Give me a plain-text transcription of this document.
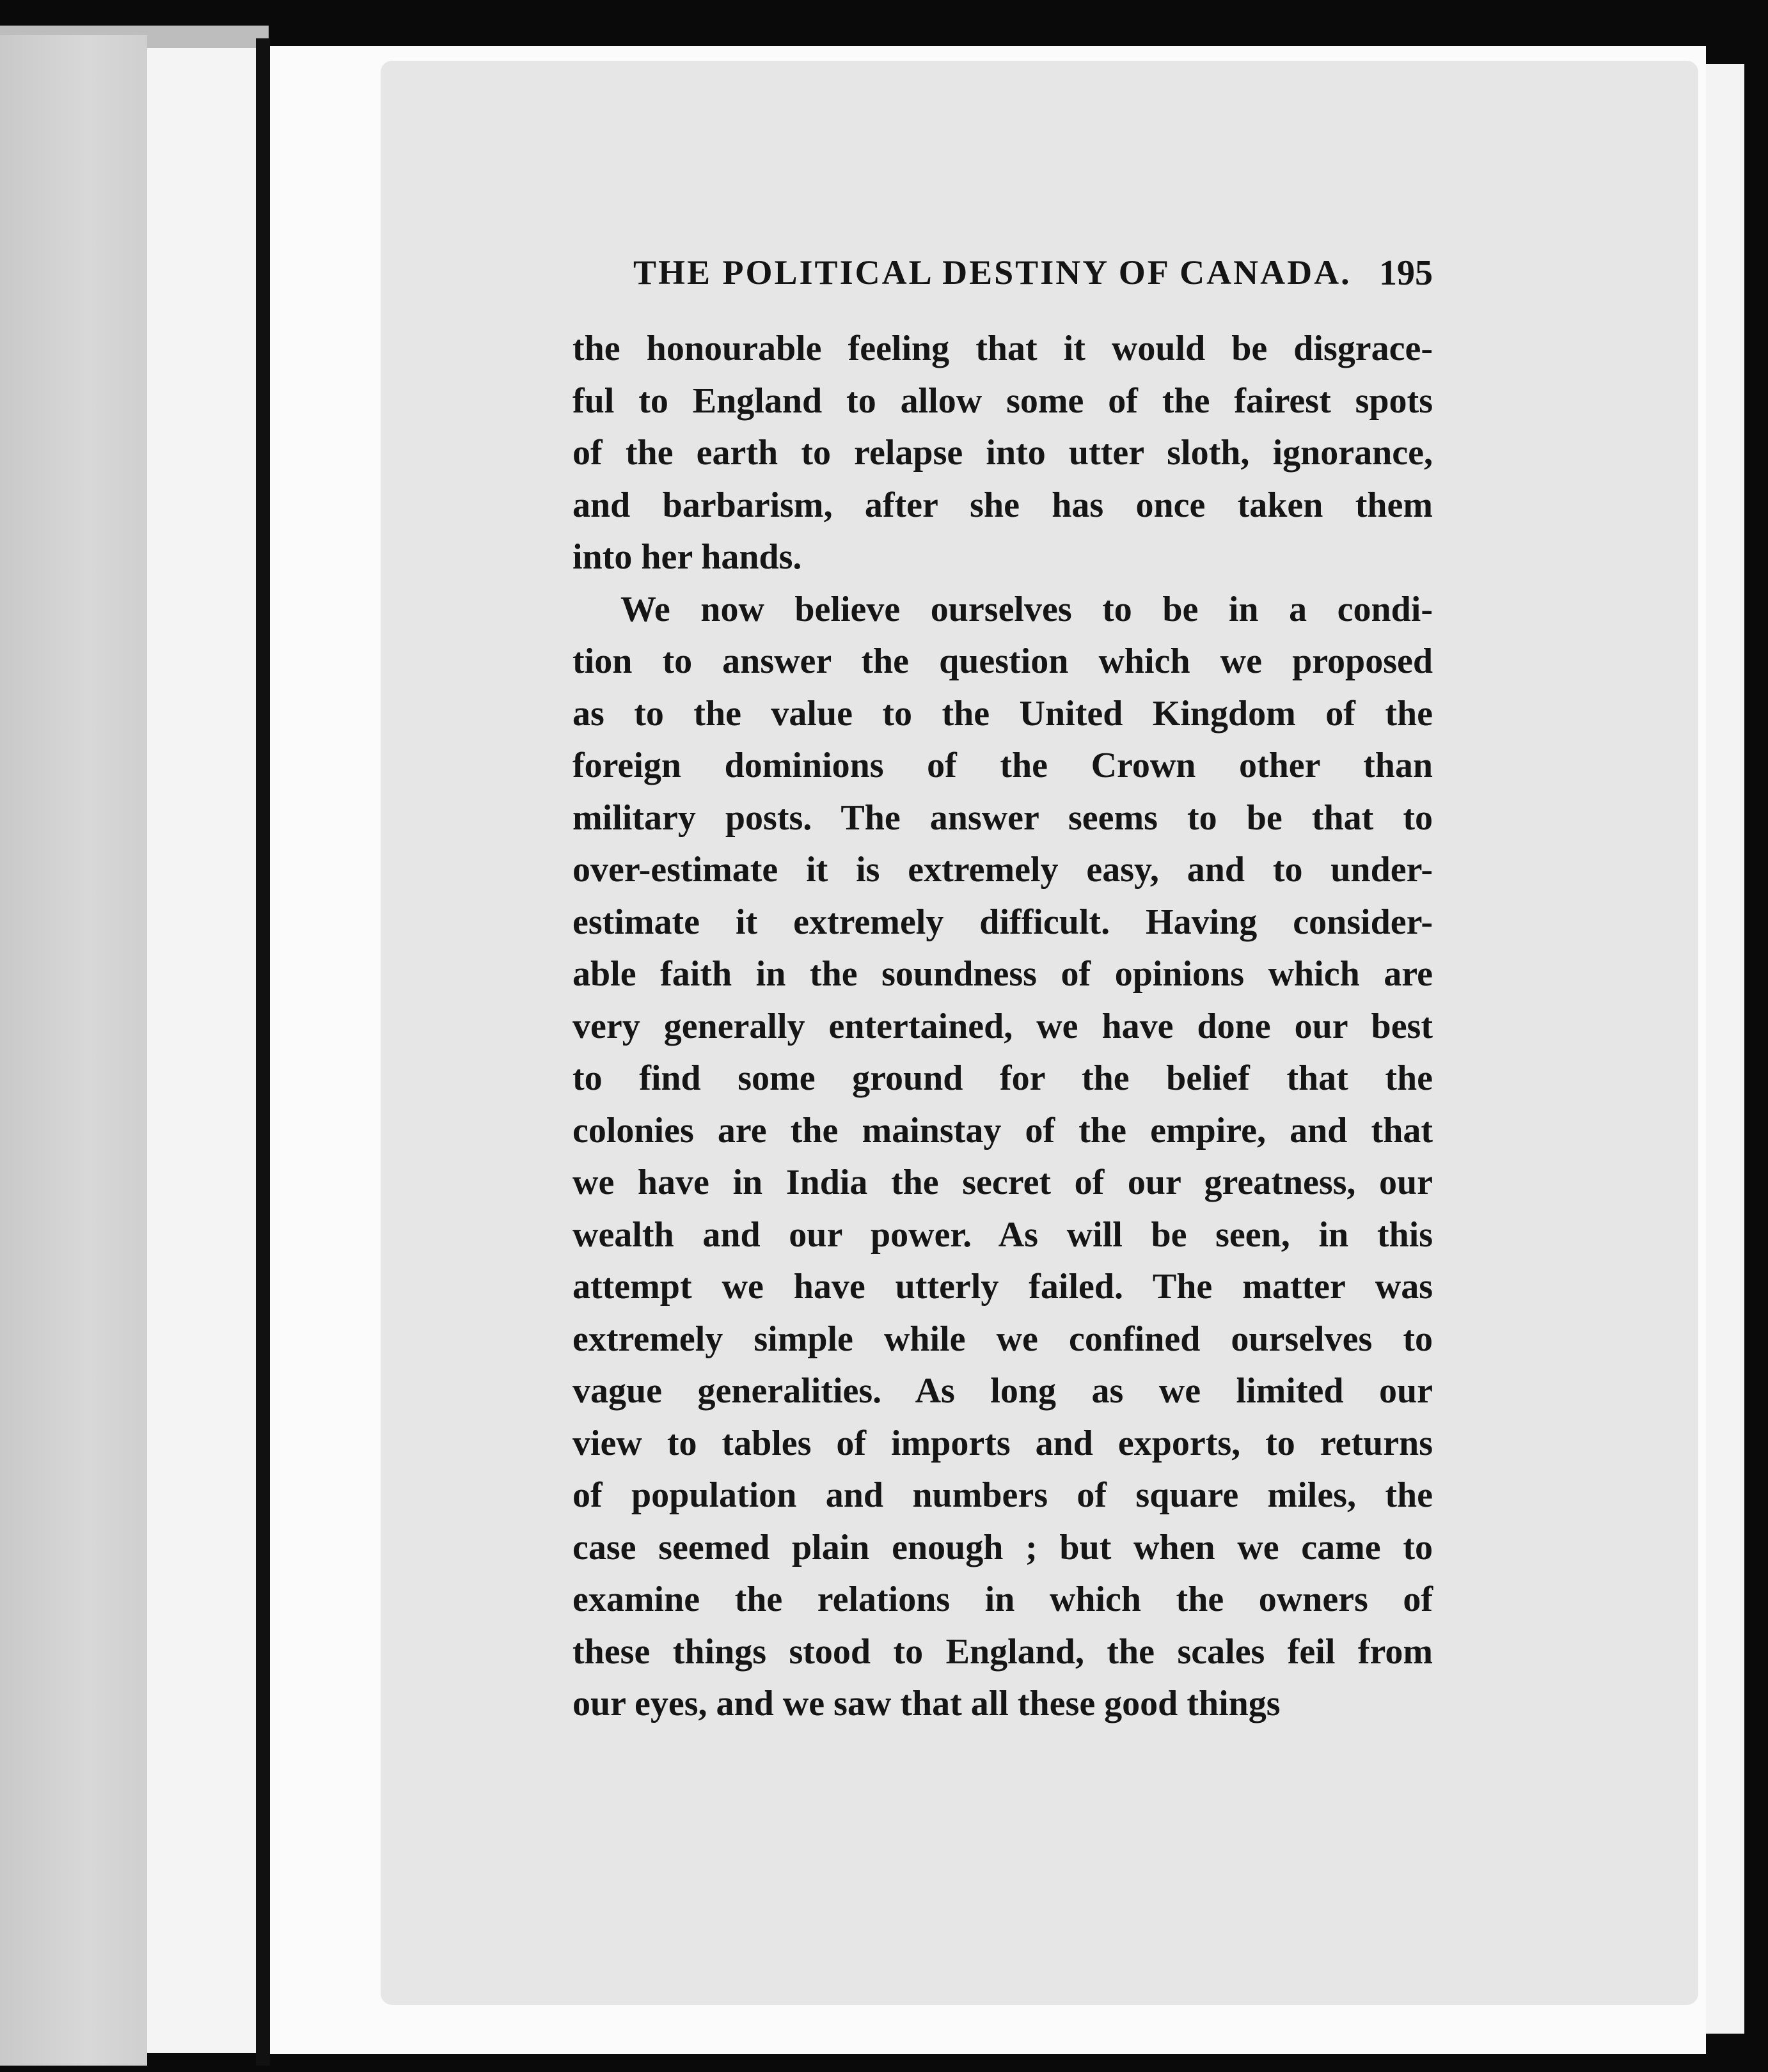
THE POLITICAL DESTINY OF CANADA. 195
the honourable feeling that it would be disgrace-
ful to England to allow some of the fairest spots
of the earth to relapse into utter sloth, ignorance,
and barbarism, after she has once taken them
into her hands.
We now believe ourselves to be in a condi-
tion to answer the question which we proposed
as to the value to the United Kingdom of the
foreign dominions of the Crown other than
military posts. The answer seems to be that to
over-estimate it is extremely easy, and to under-
estimate it extremely difficult. Having consider-
able faith in the soundness of opinions which are
very generally entertained, we have done our best
to find some ground for the belief that the
colonies are the mainstay of the empire, and that
we have in India the secret of our greatness, our
wealth and our power. As will be seen, in this
attempt we have utterly failed. The matter was
extremely simple while we confined ourselves to
vague generalities. As long as we limited our
view to tables of imports and exports, to returns
of population and numbers of square miles, the
case seemed plain enough ; but when we came to
examine the relations in which the owners of
these things stood to England, the scales feil from
our eyes, and we saw that all these good things
